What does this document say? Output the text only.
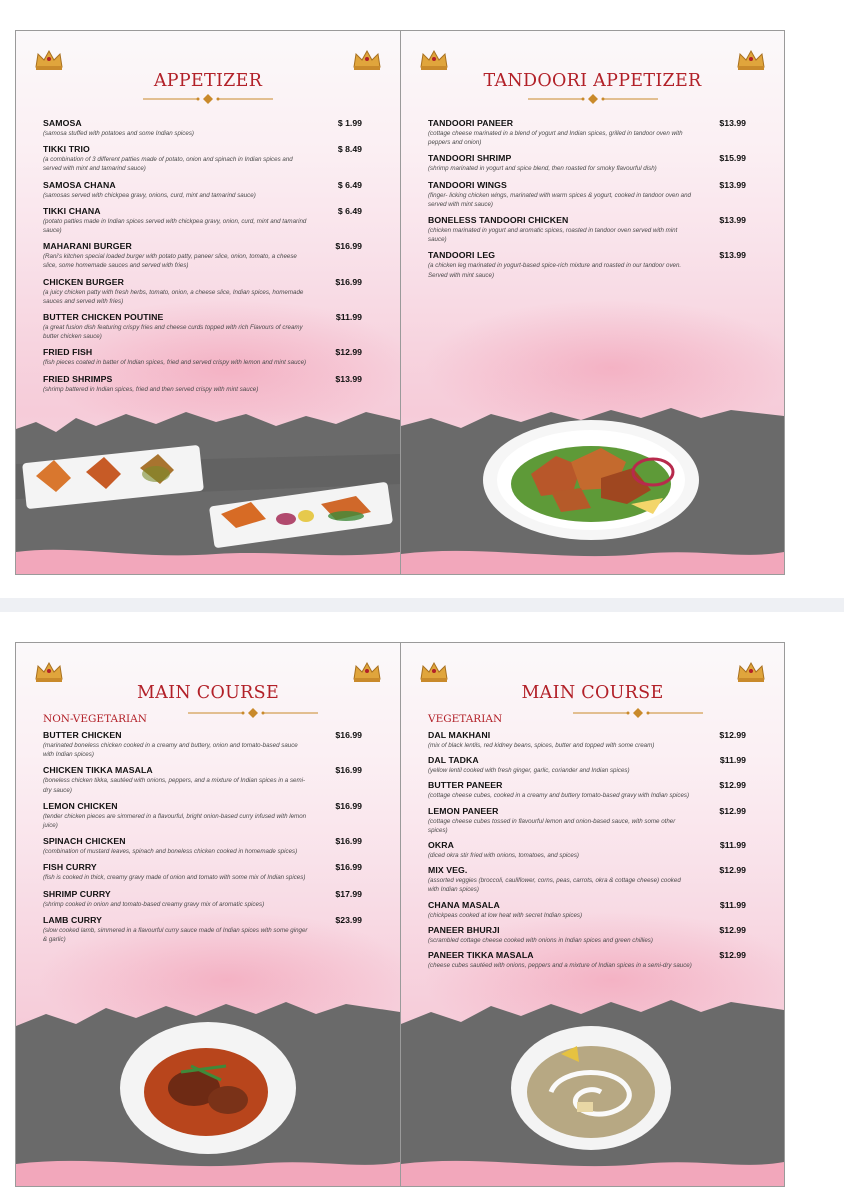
APPETIZER
SAMOSA	$ 1.99
(samosa stuffed with potatoes and some Indian spices)
TIKKI TRIO	$ 8.49
(a combination of 3 different patties made of potato, onion and spinach in Indian spices and served with mint and tamarind sauce)
SAMOSA CHANA	$ 6.49
(samosas served with chickpea gravy, onions, curd, mint and tamarind sauce)
TIKKI CHANA	$ 6.49
(potato patties made in Indian spices served with chickpea gravy, onion, curd, mint and tamarind sauce)
MAHARANI BURGER	$16.99
(Rani's kitchen special loaded burger with potato patty, paneer slice, onion, tomato, a cheese slice, some homemade sauces and served with fries)
CHICKEN BURGER	$16.99
(a juicy chicken patty with fresh herbs, tomato, onion, a cheese slice, Indian spices, homemade sauces and served with fries)
BUTTER CHICKEN POUTINE	$11.99
(a great fusion dish featuring crispy fries and cheese curds topped with rich Flavours of creamy butter chicken sauce)
FRIED FISH	$12.99
(fish pieces coated in batter of Indian spices, fried and served crispy with lemon and mint sauce)
FRIED SHRIMPS	$13.99
(shrimp battered in Indian spices, fried and then served crispy with mint sauce)
TANDOORI APPETIZER
TANDOORI PANEER	$13.99
(cottage cheese marinated in a blend of yogurt and Indian spices, grilled in tandoor oven with peppers and onion)
TANDOORI SHRIMP	$15.99
(shrimp marinated in yogurt and spice blend, then roasted for smoky flavourful dish)
TANDOORI WINGS	$13.99
(finger- licking chicken wings, marinated with warm spices & yogurt, cooked in tandoor oven and served with mint sauce)
BONELESS TANDOORI CHICKEN	$13.99
(chicken marinated in yogurt and aromatic spices, roasted in tandoor oven served with mint sauce)
TANDOORI LEG	$13.99
(a chicken leg marinated in yogurt-based spice-rich mixture and roasted in our tandoor oven. Served with mint sauce)
MAIN COURSE
NON-VEGETARIAN
BUTTER CHICKEN	$16.99
(marinated boneless chicken cooked in a creamy and buttery, onion and tomato-based sauce with Indian spices)
CHICKEN TIKKA MASALA	$16.99
(boneless chicken tikka, sautéed with onions, peppers, and a mixture of Indian spices in a semi-dry sauce)
LEMON CHICKEN	$16.99
(tender chicken pieces are simmered in a flavourful, bright onion-based curry infused with lemon juice)
SPINACH CHICKEN	$16.99
(combination of mustard leaves, spinach and boneless chicken cooked in homemade spices)
FISH CURRY	$16.99
(fish is cooked in thick, creamy gravy made of onion and tomato with some mix of Indian spices)
SHRIMP CURRY	$17.99
(shrimp cooked in onion and tomato-based creamy gravy mix of aromatic spices)
LAMB CURRY	$23.99
(slow cooked lamb, simmered in a flavourful curry sauce made of Indian spices with some ginger & garlic)
MAIN COURSE
VEGETARIAN
DAL MAKHANI	$12.99
(mix of black lentils, red kidney beans, spices, butter and topped with some cream)
DAL TADKA	$11.99
(yellow lentil cooked with fresh ginger, garlic, coriander and Indian spices)
BUTTER PANEER	$12.99
(cottage cheese cubes, cooked in a creamy and buttery tomato-based gravy with Indian spices)
LEMON PANEER	$12.99
(cottage cheese cubes tossed in flavourful lemon and onion-based sauce, with some other spices)
OKRA	$11.99
(diced okra stir fried with onions, tomatoes, and spices)
MIX VEG.	$12.99
(assorted veggies (broccoli, cauliflower, corns, peas, carrots, okra & cottage cheese) cooked with Indian spices)
CHANA MASALA	$11.99
(chickpeas cooked at low heat with secret Indian spices)
PANEER BHURJI	$12.99
(scrambled cottage cheese cooked with onions in Indian spices and green chillies)
PANEER TIKKA MASALA	$12.99
(cheese cubes sautéed with onions, peppers and a mixture of Indian spices in a semi-dry sauce)
